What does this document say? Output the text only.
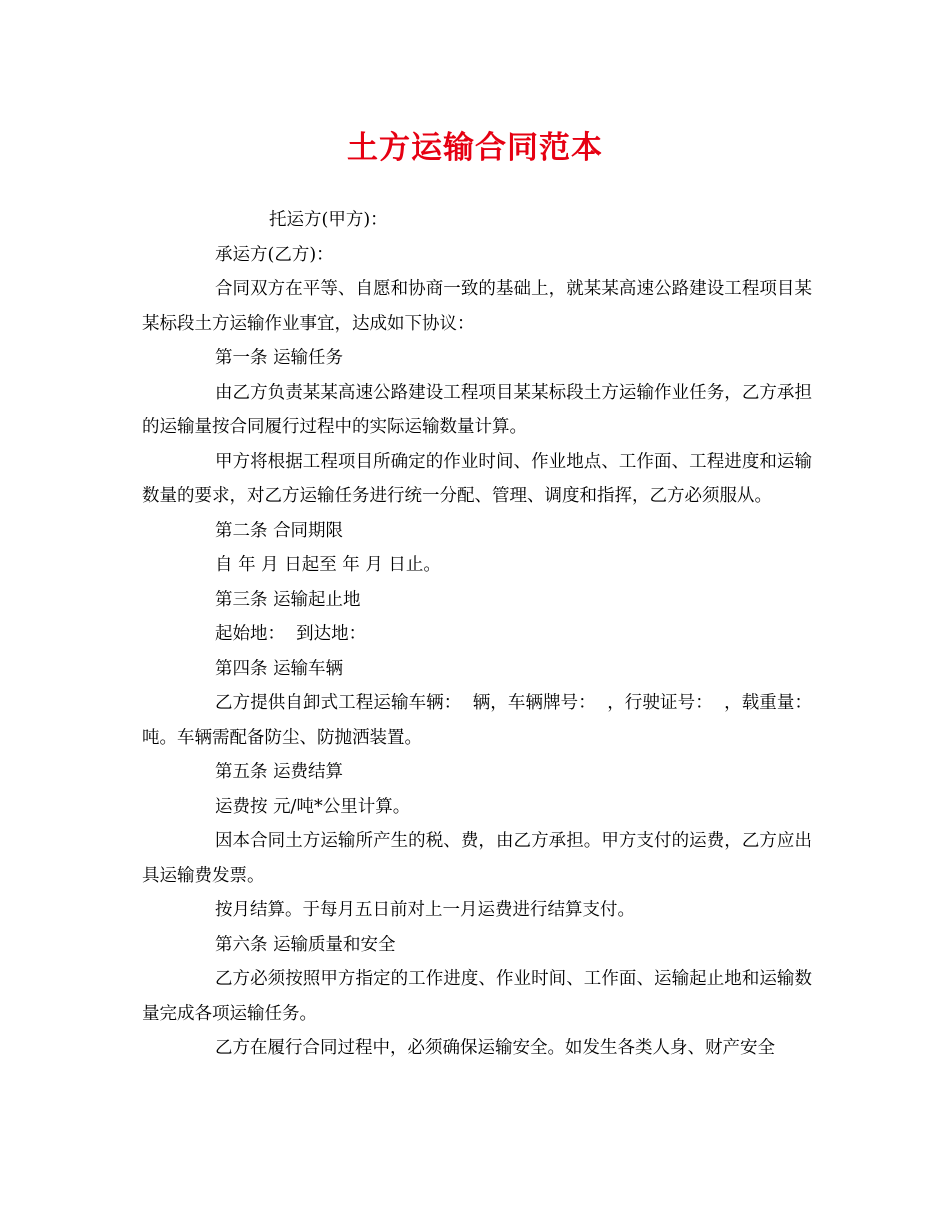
土方运输合同范本

托运方(甲方)：

承运方(乙方)：

合同双方在平等、自愿和协商一致的基础上，就某某高速公路建设工程项目某某标段土方运输作业事宜，达成如下协议：

第一条 运输任务

由乙方负责某某高速公路建设工程项目某某标段土方运输作业任务，乙方承担的运输量按合同履行过程中的实际运输数量计算。

甲方将根据工程项目所确定的作业时间、作业地点、工作面、工程进度和运输数量的要求，对乙方运输任务进行统一分配、管理、调度和指挥，乙方必须服从。

第二条 合同期限

自 年 月 日起至 年 月 日止。

第三条 运输起止地

起始地：  到达地：

第四条 运输车辆

乙方提供自卸式工程运输车辆：  辆，车辆牌号：  ，行驶证号：  ，载重量：  吨。车辆需配备防尘、防抛洒装置。

第五条 运费结算

运费按 元/吨*公里计算。

因本合同土方运输所产生的税、费，由乙方承担。甲方支付的运费，乙方应出具运输费发票。

按月结算。于每月五日前对上一月运费进行结算支付。

第六条 运输质量和安全

乙方必须按照甲方指定的工作进度、作业时间、工作面、运输起止地和运输数量完成各项运输任务。

乙方在履行合同过程中，必须确保运输安全。如发生各类人身、财产安全
